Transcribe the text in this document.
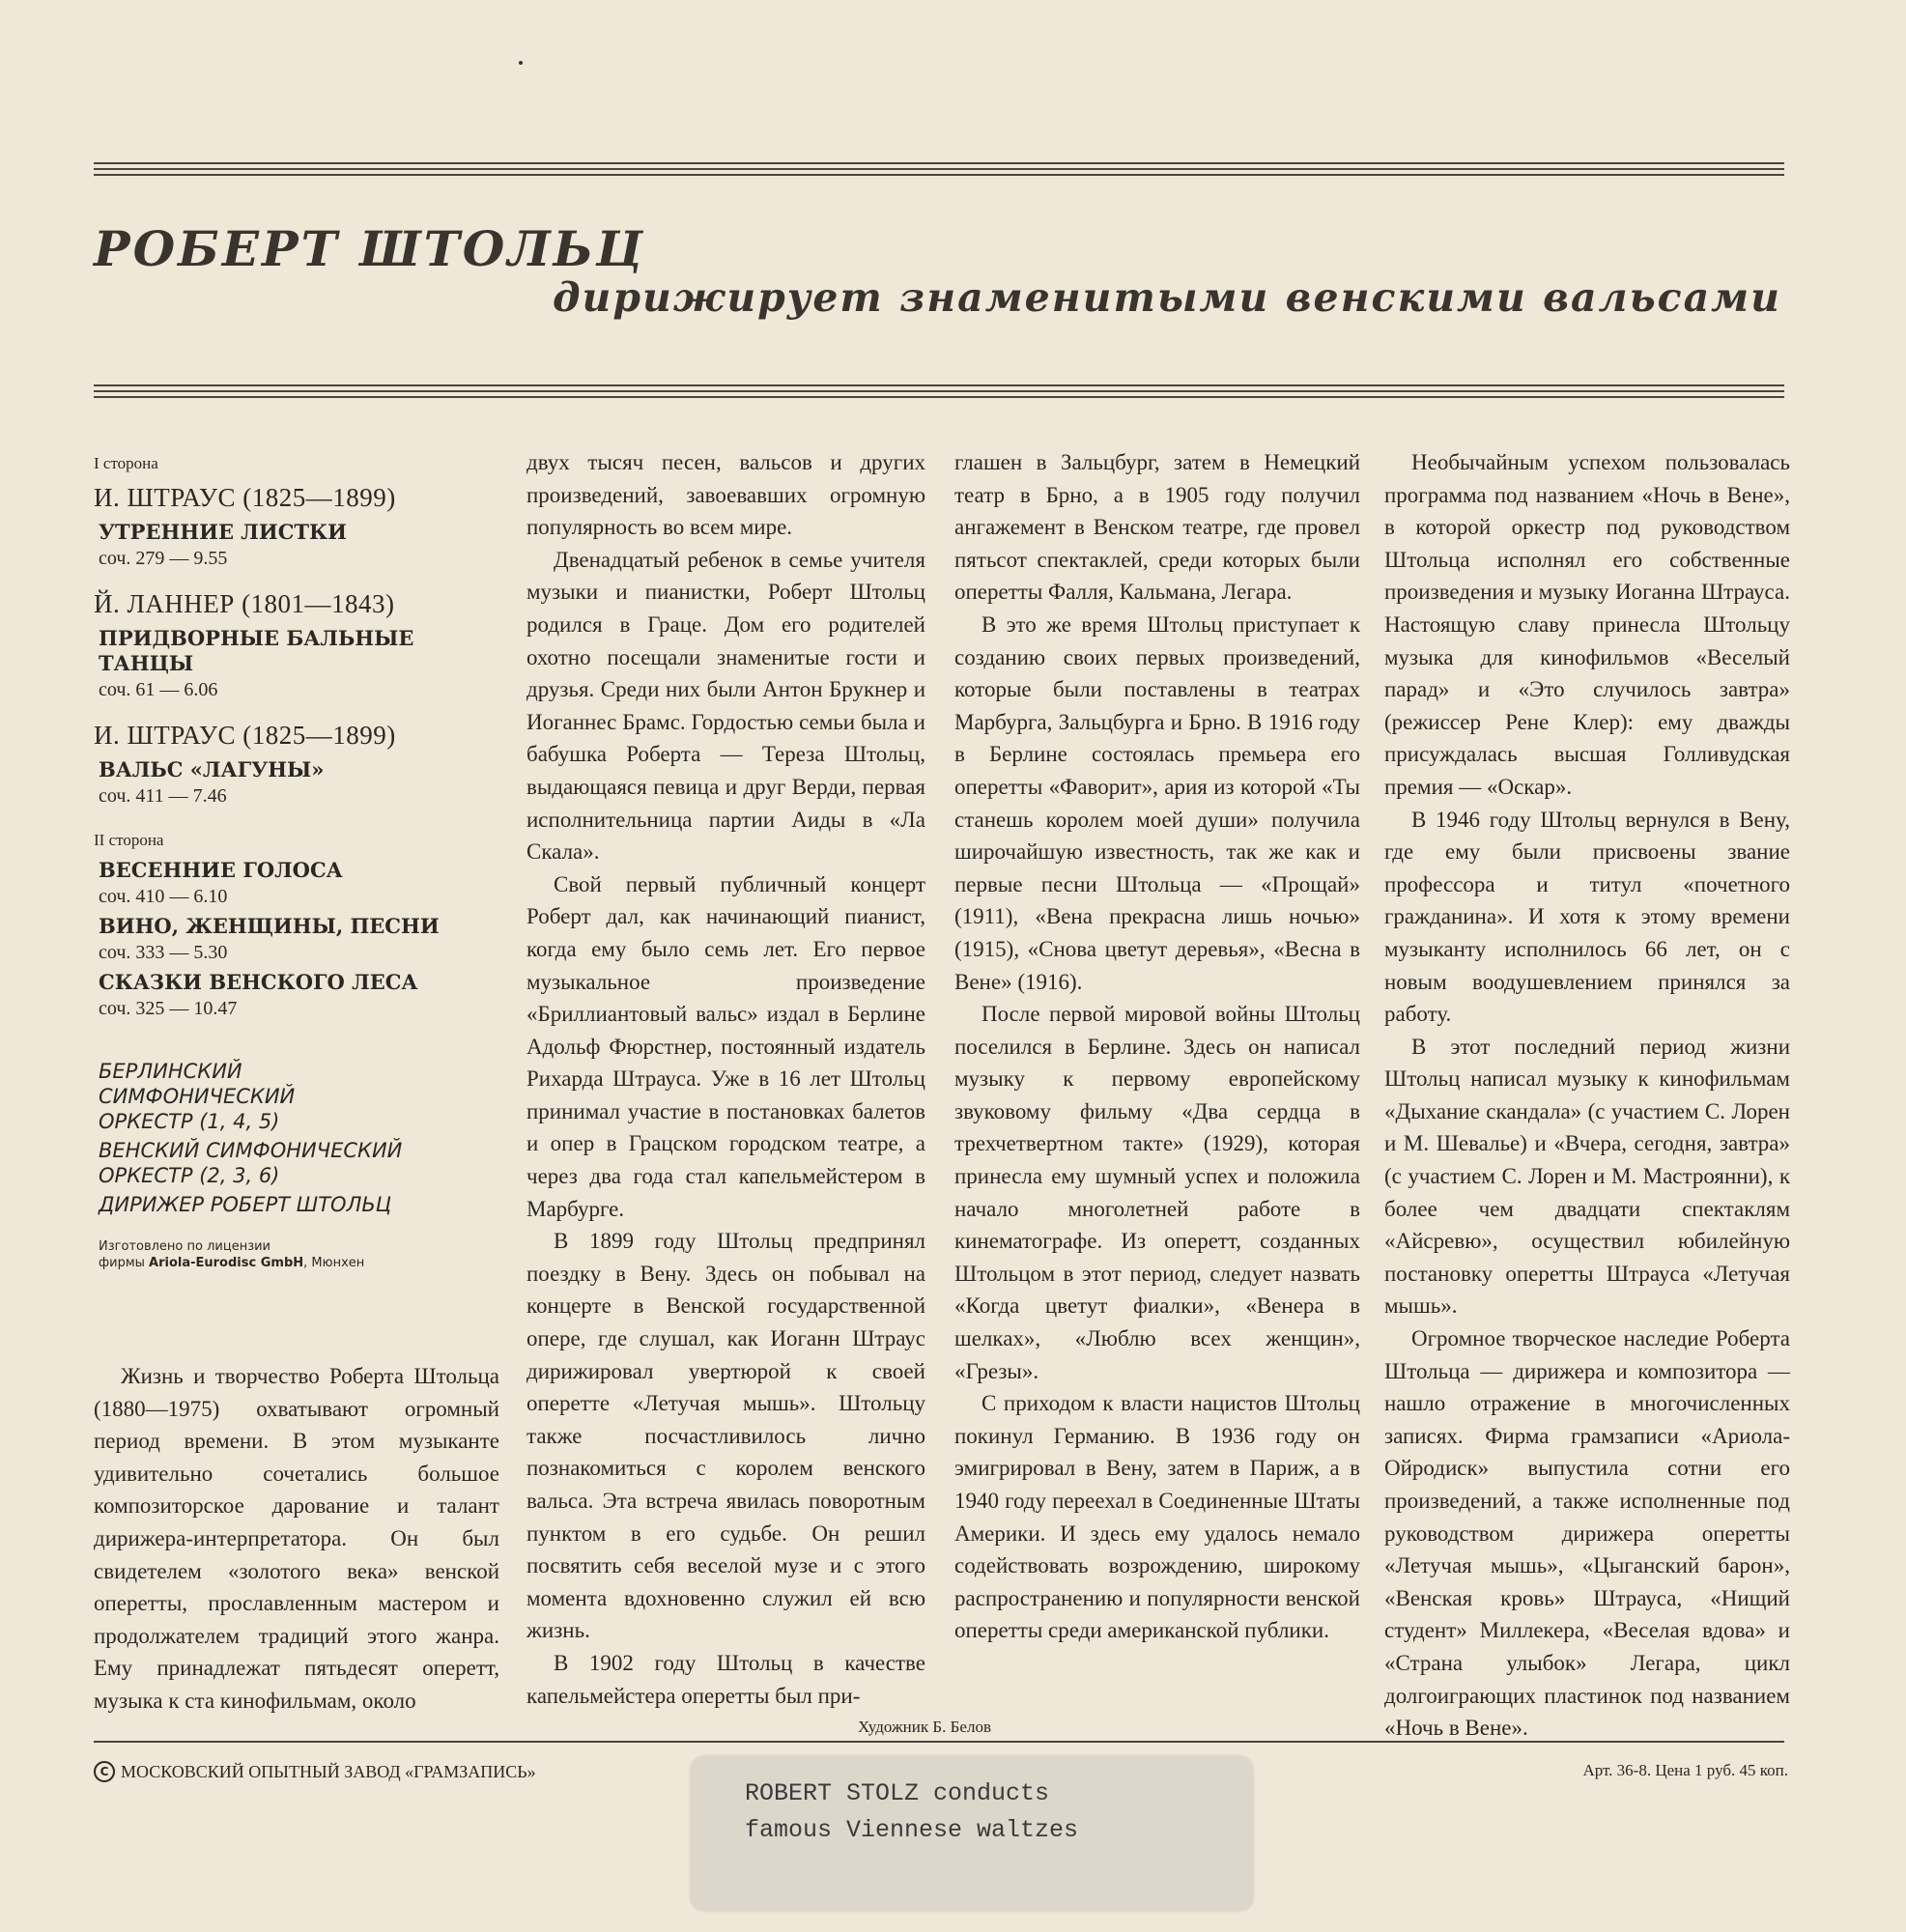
РОБЕРТ ШТОЛЬЦ
дирижирует знаменитыми венскими вальсами
I сторона
И. ШТРАУС (1825—1899)
УТРЕННИЕ ЛИСТКИ
соч. 279 — 9.55
Й. ЛАННЕР (1801—1843)
ПРИДВОРНЫЕ БАЛЬНЫЕ ТАНЦЫ
соч. 61 — 6.06
И. ШТРАУС (1825—1899)
ВАЛЬС «ЛАГУНЫ»
соч. 411 — 7.46
II сторона
ВЕСЕННИЕ ГОЛОСА
соч. 410 — 6.10
ВИНО, ЖЕНЩИНЫ, ПЕСНИ
соч. 333 — 5.30
СКАЗКИ ВЕНСКОГО ЛЕСА
соч. 325 — 10.47
БЕРЛИНСКИЙ
СИМФОНИЧЕСКИЙ
ОРКЕСТР (1, 4, 5)
ВЕНСКИЙ СИМФОНИЧЕСКИЙ
ОРКЕСТР (2, 3, 6)
ДИРИЖЕР РОБЕРТ ШТОЛЬЦ
Изготовлено по лицензии
фирмы Ariola-Eurodisc GmbH, Мюнхен

Жизнь и творчество Роберта Штольца (1880—1975) охватывают огромный период времени. В этом музыканте удивительно сочетались большое композиторское дарование и талант дирижера-интерпретатора. Он был свидетелем «золотого века» венской оперетты, прославленным мастером и продолжателем традиций этого жанра. Ему принадлежат пятьдесят оперетт, музыка к ста кинофильмам, около

двух тысяч песен, вальсов и других произведений, завоевавших огромную популярность во всем мире.

Двенадцатый ребенок в семье учителя музыки и пианистки, Роберт Штольц родился в Граце. Дом его родителей охотно посещали знаменитые гости и друзья. Среди них были Антон Брукнер и Иоганнес Брамс. Гордостью семьи была и бабушка Роберта — Тереза Штольц, выдающаяся певица и друг Верди, первая исполнительница партии Аиды в «Ла Скала».

Свой первый публичный концерт Роберт дал, как начинающий пианист, когда ему было семь лет. Его первое музыкальное произведение «Бриллиантовый вальс» издал в Берлине Адольф Фюрстнер, постоянный издатель Рихарда Штрауса. Уже в 16 лет Штольц принимал участие в постановках балетов и опер в Грацском городском театре, а через два года стал капельмейстером в Марбурге.

В 1899 году Штольц предпринял поездку в Вену. Здесь он побывал на концерте в Венской государственной опере, где слушал, как Иоганн Штраус дирижировал увертюрой к своей оперетте «Летучая мышь». Штольцу также посчастливилось лично познакомиться с королем венского вальса. Эта встреча явилась поворотным пунктом в его судьбе. Он решил посвятить себя веселой музе и с этого момента вдохновенно служил ей всю жизнь.

В 1902 году Штольц в качестве капельмейстера оперетты был при-

глашен в Зальцбург, затем в Немецкий театр в Брно, а в 1905 году получил ангажемент в Венском театре, где провел пятьсот спектаклей, среди которых были оперетты Фалля, Кальмана, Легара.

В это же время Штольц приступает к созданию своих первых произведений, которые были поставлены в театрах Марбурга, Зальцбурга и Брно. В 1916 году в Берлине состоялась премьера его оперетты «Фаворит», ария из которой «Ты станешь королем моей души» получила широчайшую известность, так же как и первые песни Штольца — «Прощай» (1911), «Вена прекрасна лишь ночью» (1915), «Снова цветут деревья», «Весна в Вене» (1916).

После первой мировой войны Штольц поселился в Берлине. Здесь он написал музыку к первому европейскому звуковому фильму «Два сердца в трехчетвертном такте» (1929), которая принесла ему шумный успех и положила начало многолетней работе в кинематографе. Из оперетт, созданных Штольцом в этот период, следует назвать «Когда цветут фиалки», «Венера в шелках», «Люблю всех женщин», «Грезы».

С приходом к власти нацистов Штольц покинул Германию. В 1936 году он эмигрировал в Вену, затем в Париж, а в 1940 году переехал в Соединенные Штаты Америки. И здесь ему удалось немало содействовать возрождению, широкому распространению и популярности венской оперетты среди американской публики.

Необычайным успехом пользовалась программа под названием «Ночь в Вене», в которой оркестр под руководством Штольца исполнял его собственные произведения и музыку Иоганна Штрауса. Настоящую славу принесла Штольцу музыка для кинофильмов «Веселый парад» и «Это случилось завтра» (режиссер Рене Клер): ему дважды присуждалась высшая Голливудская премия — «Оскар».

В 1946 году Штольц вернулся в Вену, где ему были присвоены звание профессора и титул «почетного гражданина». И хотя к этому времени музыканту исполнилось 66 лет, он с новым воодушевлением принялся за работу.

В этот последний период жизни Штольц написал музыку к кинофильмам «Дыхание скандала» (с участием С. Лорен и М. Шевалье) и «Вчера, сегодня, завтра» (с участием С. Лорен и М. Мастроянни), к более чем двадцати спектаклям «Айсревю», осуществил юбилейную постановку оперетты Штрауса «Летучая мышь».

Огромное творческое наследие Роберта Штольца — дирижера и композитора — нашло отражение в многочисленных записях. Фирма грамзаписи «Ариола-Ойродиск» выпустила сотни его произведений, а также исполненные под руководством дирижера оперетты «Летучая мышь», «Цыганский барон», «Венская кровь» Штрауса, «Нищий студент» Миллекера, «Веселая вдова» и «Страна улыбок» Легара, цикл долгоиграющих пластинок под названием «Ночь в Вене».

Художник Б. Белов
С МОСКОВСКИЙ ОПЫТНЫЙ ЗАВОД «ГРАМЗАПИСЬ»	Арт. 36-8. Цена 1 руб. 45 коп.
ROBERT STOLZ conducts
famous Viennese waltzes
